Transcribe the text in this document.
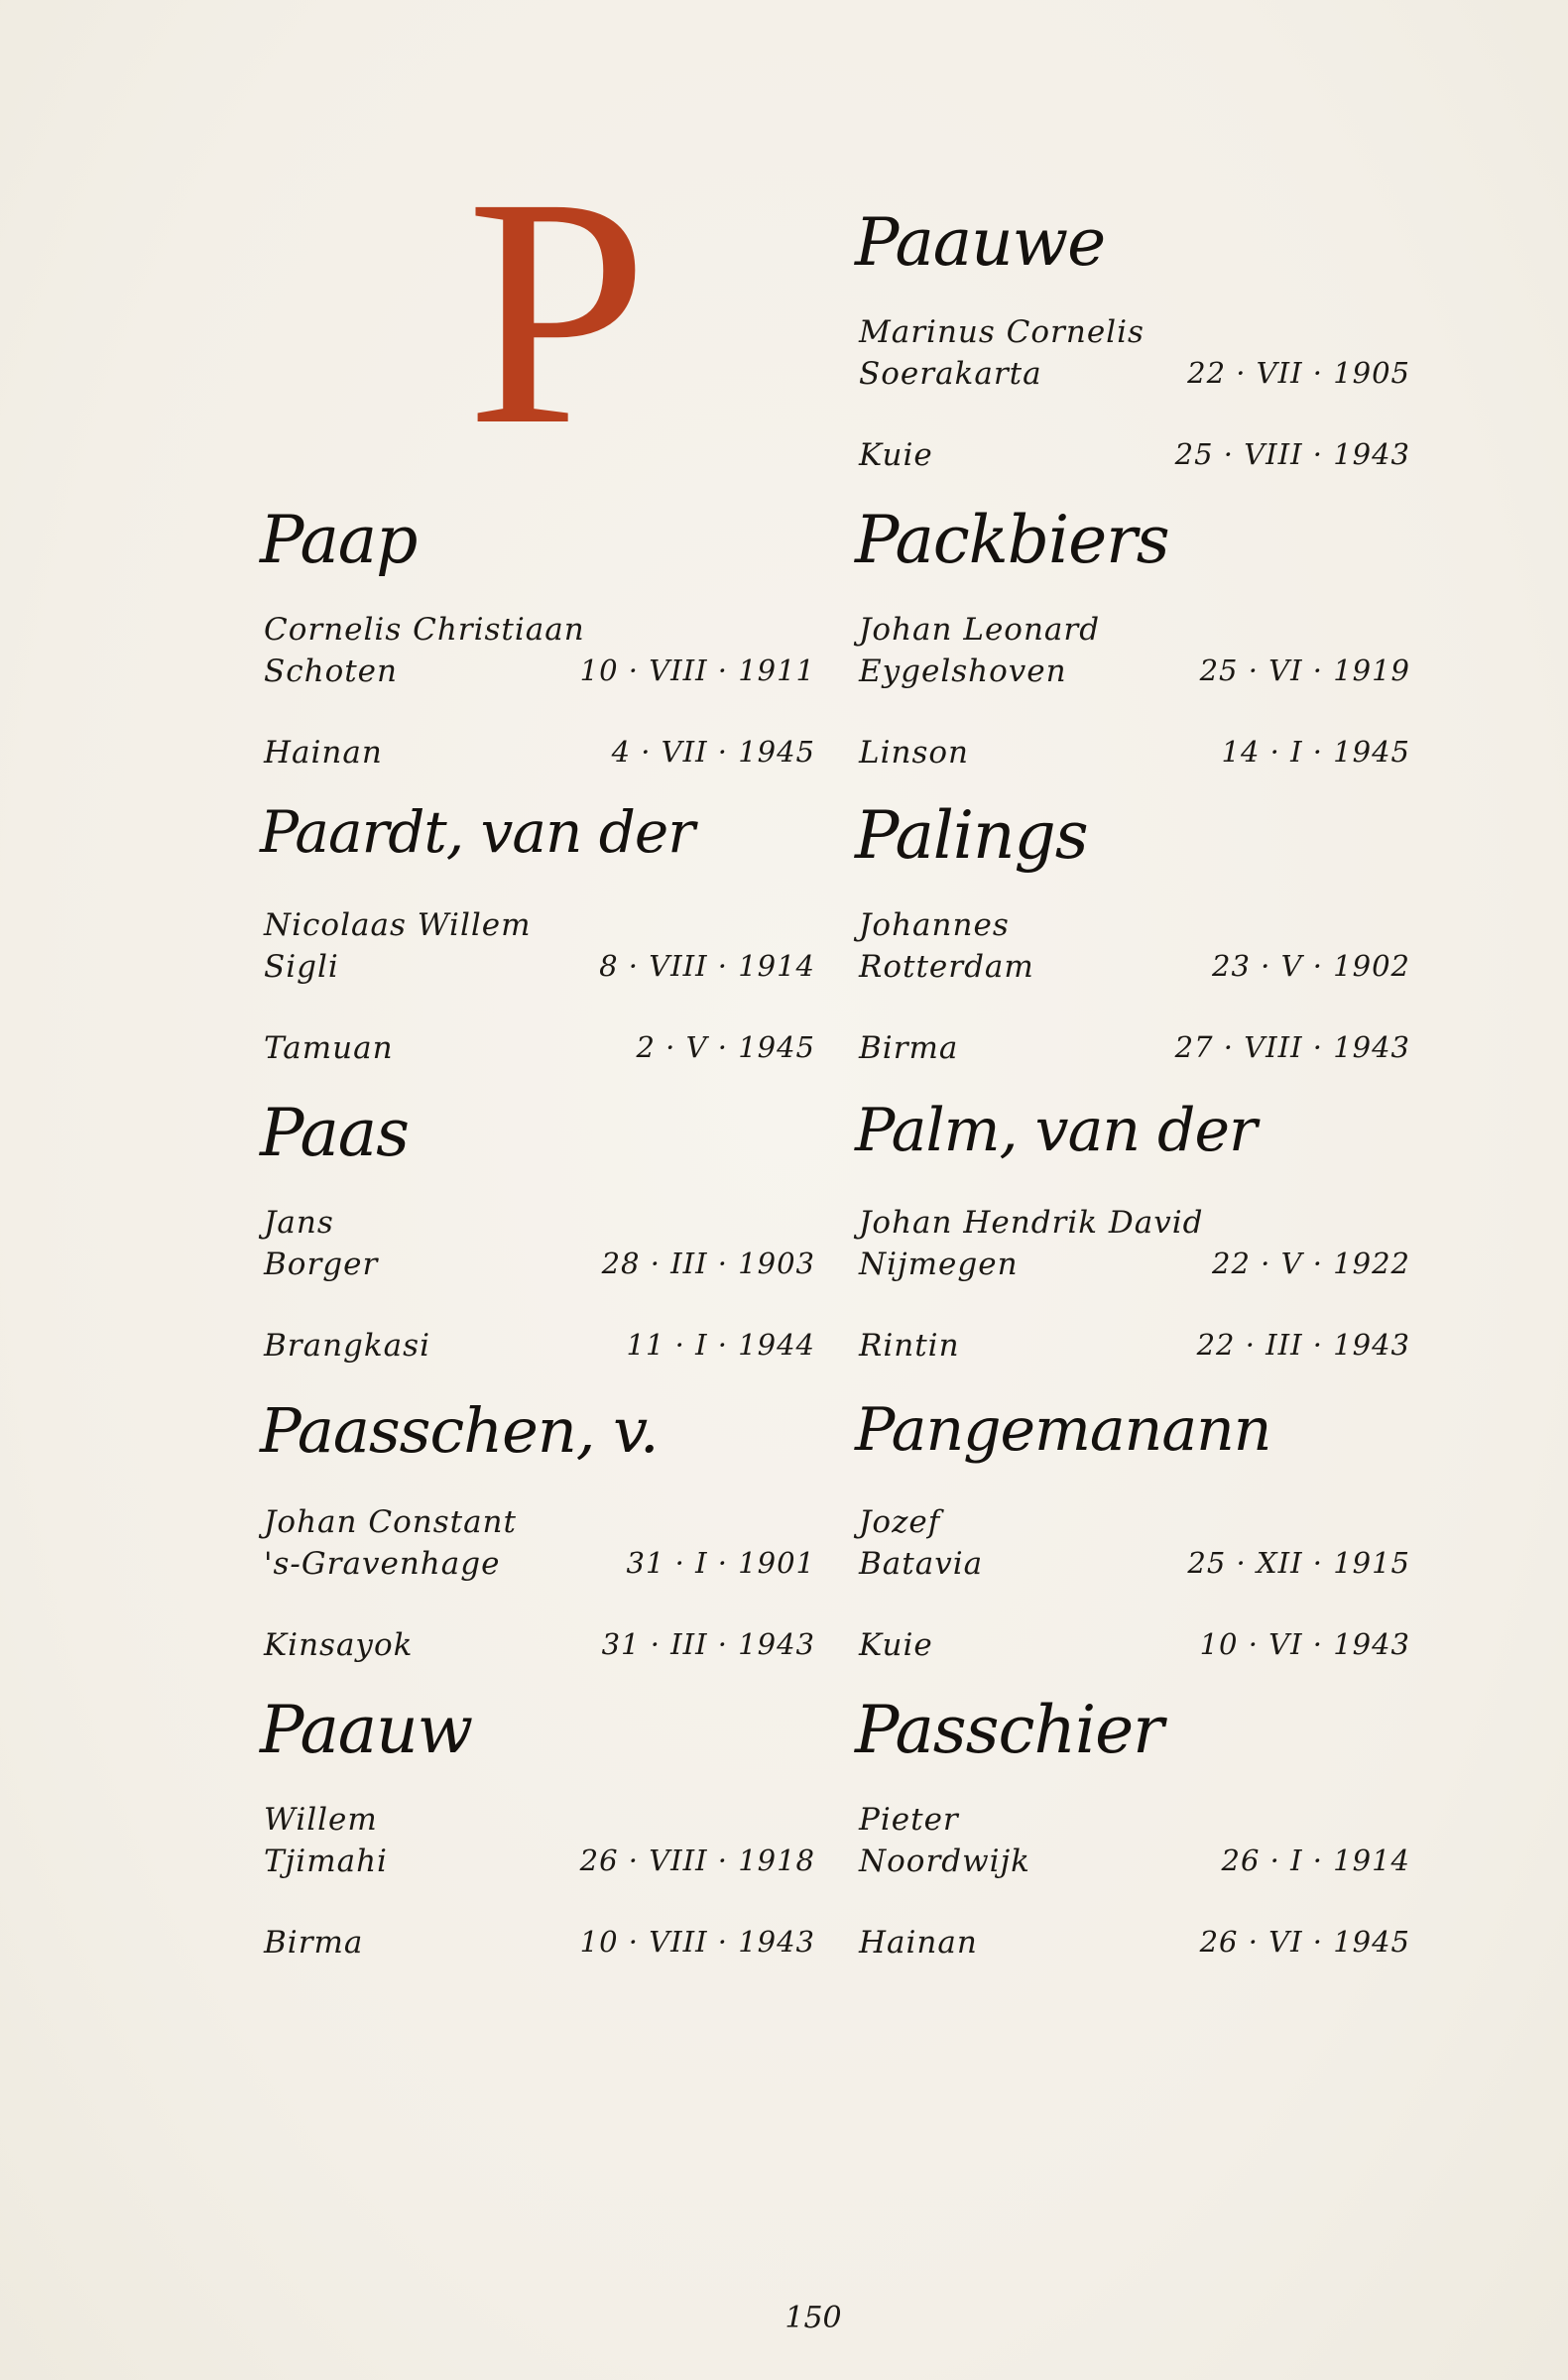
P
Paap
Cornelis Christiaan
Schoten	10 · VIII · 1911
Hainan	4 · VII · 1945
Paardt, van der
Nicolaas Willem
Sigli	8 · VIII · 1914
Tamuan	2 · V · 1945
Paas
Jans
Borger	28 · III · 1903
Brangkasi	11 · I · 1944
Paasschen, v.
Johan Constant
's-Gravenhage	31 · I · 1901
Kinsayok	31 · III · 1943
Paauw
Willem
Tjimahi	26 · VIII · 1918
Birma	10 · VIII · 1943
Paauwe
Marinus Cornelis
Soerakarta	22 · VII · 1905
Kuie	25 · VIII · 1943
Packbiers
Johan Leonard
Eygelshoven	25 · VI · 1919
Linson	14 · I · 1945
Palings
Johannes
Rotterdam	23 · V · 1902
Birma	27 · VIII · 1943
Palm, van der
Johan Hendrik David
Nijmegen	22 · V · 1922
Rintin	22 · III · 1943
Pangemanann
Jozef
Batavia	25 · XII · 1915
Kuie	10 · VI · 1943
Passchier
Pieter
Noordwijk	26 · I · 1914
Hainan	26 · VI · 1945
150
